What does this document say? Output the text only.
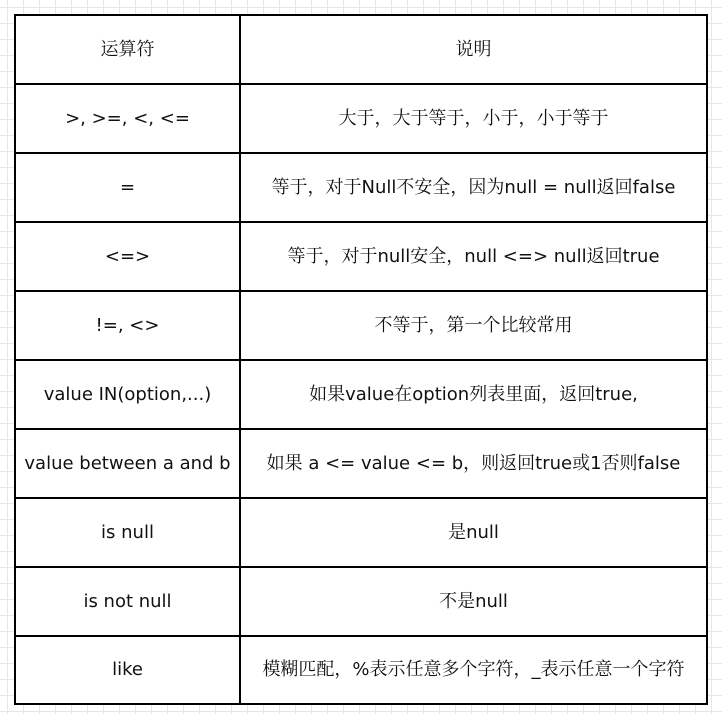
运算符	说明
>, >=, <, <=	大于，大于等于，小于，小于等于
=	等于，对于Null不安全，因为null = null返回false
<=>	等于，对于null安全，null <=> null返回true
!=, <>	不等于，第一个比较常用
value IN(option,...)	如果value在option列表里面，返回true,
value between a and b	如果 a <= value <= b，则返回true或1否则false
is null	是null
is not null	不是null
like	模糊匹配，%表示任意多个字符，_表示任意一个字符
